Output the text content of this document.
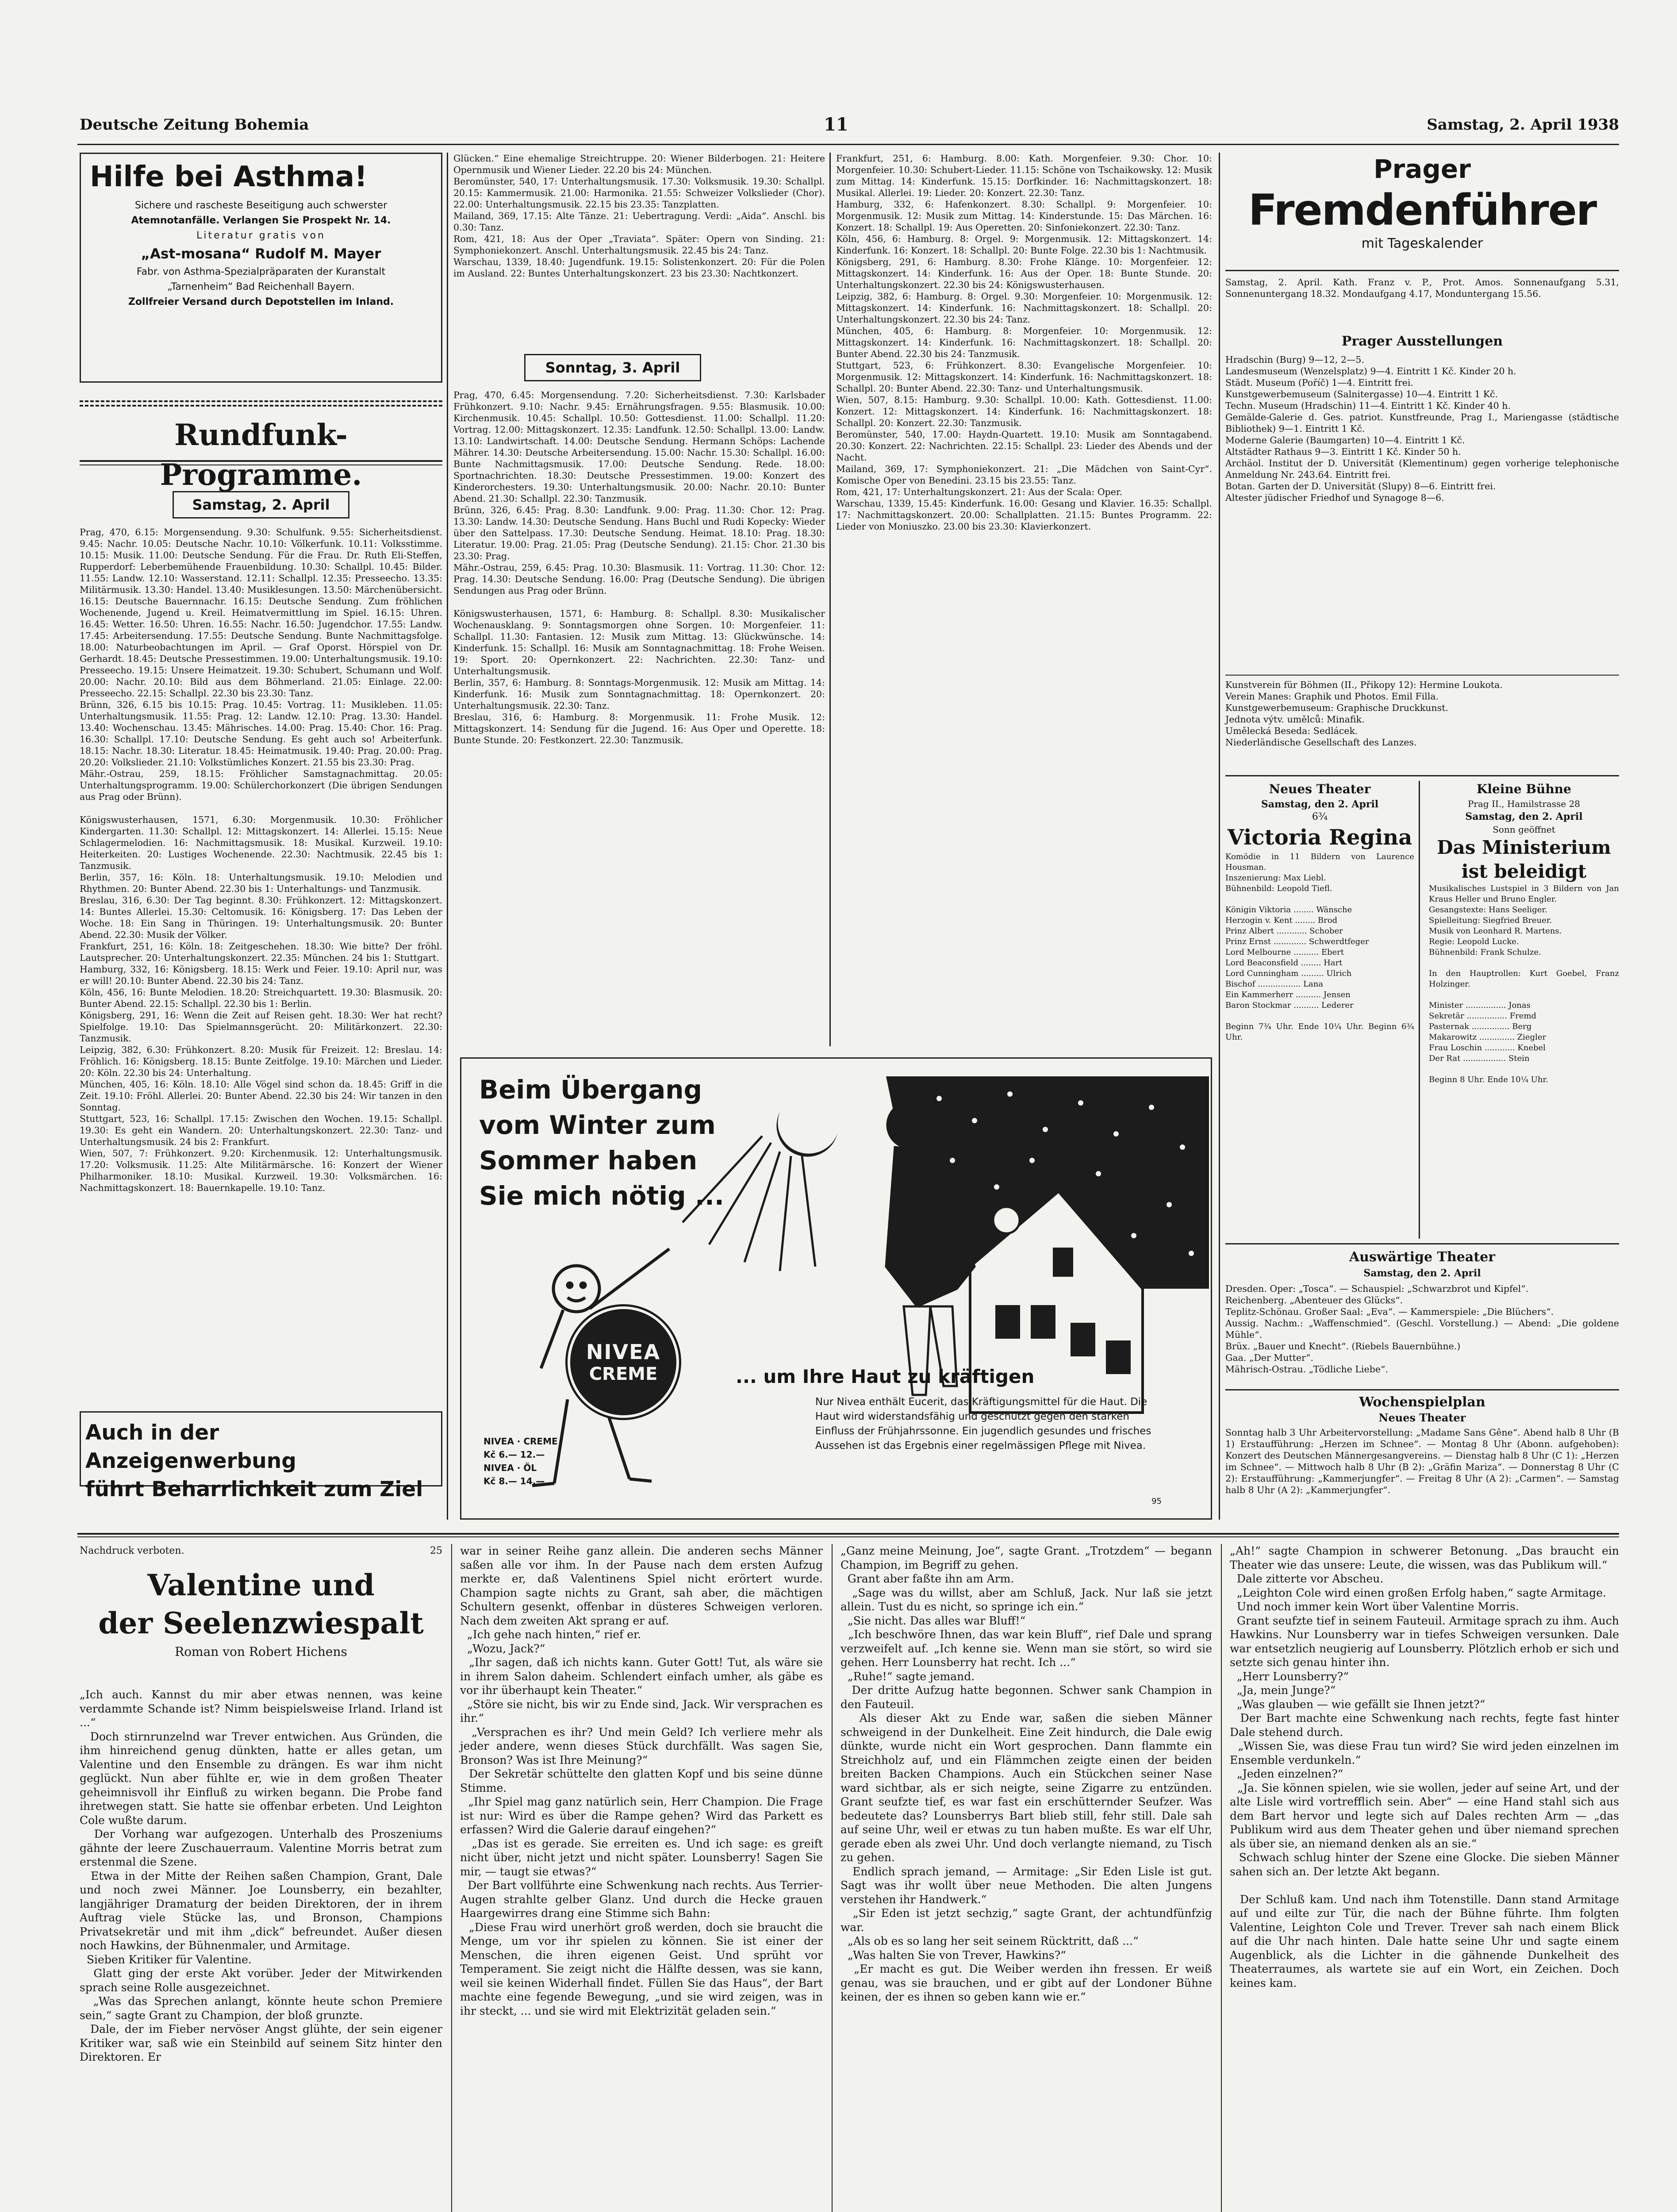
Deutsche Zeitung Bohemia	11	Samstag, 2. April 1938
Hilfe bei Asthma!
Sichere und rascheste Beseitigung auch schwerster
Atemnotanfälle. Verlangen Sie Prospekt Nr. 14.
Literatur gratis von
„Ast-mosana“ Rudolf M. Mayer
Fabr. von Asthma-Spezialpräparaten der Kuranstalt
„Tarnenheim“ Bad Reichenhall Bayern.
Zollfreier Versand durch Depotstellen im Inland.
Rundfunk-Programme.
Samstag, 2. April
Prag, 470, 6.15: Morgensendung. 9.30: Schulfunk. 9.55: Sicherheitsdienst. 9.45: Nachr. 10.05: Deutsche Nachr. 10.10: Völkerfunk. 10.11: Volksstimme. 10.15: Musik. 11.00: Deutsche Sendung. Für die Frau. Dr. Ruth Eli-Steffen, Rupperdorf: Leberbemühende Frauenbildung. 10.30: Schallpl. 10.45: Bilder. 11.55: Landw. 12.10: Wasserstand. 12.11: Schallpl. 12.35: Presseecho. 13.35: Militärmusik. 13.30: Handel. 13.40: Musiklesungen. 13.50: Märchenübersicht. 16.15: Deutsche Bauernnachr. 16.15: Deutsche Sendung. Zum fröhlichen Wochenende, Jugend u. Kreil. Heimatvermittlung im Spiel. 16.15: Uhren. 16.45: Wetter. 16.50: Uhren. 16.55: Nachr. 16.50: Jugendchor. 17.55: Landw. 17.45: Arbeitersendung. 17.55: Deutsche Sendung. Bunte Nachmittagsfolge. 18.00: Naturbeobachtungen im April. — Graf Oporst. Hörspiel von Dr. Gerhardt. 18.45: Deutsche Pressestimmen. 19.00: Unterhaltungsmusik. 19.10: Presseecho. 19.15: Unsere Heimatzeit. 19.30: Schubert, Schumann und Wolf. 20.00: Nachr. 20.10: Bild aus dem Böhmerland. 21.05: Einlage. 22.00: Presseecho. 22.15: Schallpl. 22.30 bis 23.30: Tanz.
Brünn, 326, 6.15 bis 10.15: Prag. 10.45: Vortrag. 11: Musikleben. 11.05: Unterhaltungsmusik. 11.55: Prag. 12: Landw. 12.10: Prag. 13.30: Handel. 13.40: Wochenschau. 13.45: Mährisches. 14.00: Prag. 15.40: Chor. 16: Prag. 16.30: Schallpl. 17.10: Deutsche Sendung. Es geht auch so! Arbeiterfunk. 18.15: Nachr. 18.30: Literatur. 18.45: Heimatmusik. 19.40: Prag. 20.00: Prag. 20.20: Volkslieder. 21.10: Volkstümliches Konzert. 21.55 bis 23.30: Prag.
Mähr.-Ostrau, 259, 18.15: Fröhlicher Samstagnachmittag. 20.05: Unterhaltungsprogramm. 19.00: Schülerchorkonzert (Die übrigen Sendungen aus Prag oder Brünn).

Königswusterhausen, 1571, 6.30: Morgenmusik. 10.30: Fröhlicher Kindergarten. 11.30: Schallpl. 12: Mittagskonzert. 14: Allerlei. 15.15: Neue Schlagermelodien. 16: Nachmittagsmusik. 18: Musikal. Kurzweil. 19.10: Heiterkeiten. 20: Lustiges Wochenende. 22.30: Nachtmusik. 22.45 bis 1: Tanzmusik.
Berlin, 357, 16: Köln. 18: Unterhaltungsmusik. 19.10: Melodien und Rhythmen. 20: Bunter Abend. 22.30 bis 1: Unterhaltungs- und Tanzmusik.
Breslau, 316, 6.30: Der Tag beginnt. 8.30: Frühkonzert. 12: Mittagskonzert. 14: Buntes Allerlei. 15.30: Celtomusik. 16: Königsberg. 17: Das Leben der Woche. 18: Ein Sang in Thüringen. 19: Unterhaltungsmusik. 20: Bunter Abend. 22.30: Musik der Völker.
Frankfurt, 251, 16: Köln. 18: Zeitgeschehen. 18.30: Wie bitte? Der fröhl. Lautsprecher. 20: Unterhaltungskonzert. 22.35: München. 24 bis 1: Stuttgart.
Hamburg, 332, 16: Königsberg. 18.15: Werk und Feier. 19.10: April nur, was er will! 20.10: Bunter Abend. 22.30 bis 24: Tanz.
Köln, 456, 16: Bunte Melodien. 18.20: Streichquartett. 19.30: Blasmusik. 20: Bunter Abend. 22.15: Schallpl. 22.30 bis 1: Berlin.
Königsberg, 291, 16: Wenn die Zeit auf Reisen geht. 18.30: Wer hat recht? Spielfolge. 19.10: Das Spielmannsgerücht. 20: Militärkonzert. 22.30: Tanzmusik.
Leipzig, 382, 6.30: Frühkonzert. 8.20: Musik für Freizeit. 12: Breslau. 14: Fröhlich. 16: Königsberg. 18.15: Bunte Zeitfolge. 19.10: Märchen und Lieder. 20: Köln. 22.30 bis 24: Unterhaltung.
München, 405, 16: Köln. 18.10: Alle Vögel sind schon da. 18.45: Griff in die Zeit. 19.10: Fröhl. Allerlei. 20: Bunter Abend. 22.30 bis 24: Wir tanzen in den Sonntag.
Stuttgart, 523, 16: Schallpl. 17.15: Zwischen den Wochen. 19.15: Schallpl. 19.30: Es geht ein Wandern. 20: Unterhaltungskonzert. 22.30: Tanz- und Unterhaltungsmusik. 24 bis 2: Frankfurt.
Wien, 507, 7: Frühkonzert. 9.20: Kirchenmusik. 12: Unterhaltungsmusik. 17.20: Volksmusik. 11.25: Alte Militärmärsche. 16: Konzert der Wiener Philharmoniker. 18.10: Musikal. Kurzweil. 19.30: Volksmärchen. 16: Nachmittagskonzert. 18: Bauernkapelle. 19.10: Tanz.
Auch in der Anzeigenwerbung
führt Beharrlichkeit zum Ziel
Glücken.“ Eine ehemalige Streichtruppe. 20: Wiener Bilderbogen. 21: Heitere Opernmusik und Wiener Lieder. 22.20 bis 24: München.
Beromünster, 540, 17: Unterhaltungsmusik. 17.30: Volksmusik. 19.30: Schallpl. 20.15: Kammermusik. 21.00: Harmonika. 21.55: Schweizer Volkslieder (Chor). 22.00: Unterhaltungsmusik. 22.15 bis 23.35: Tanzplatten.
Mailand, 369, 17.15: Alte Tänze. 21: Uebertragung. Verdi: „Aida“. Anschl. bis 0.30: Tanz.
Rom, 421, 18: Aus der Oper „Traviata“. Später: Opern von Sinding. 21: Symphoniekonzert. Anschl. Unterhaltungsmusik. 22.45 bis 24: Tanz.
Warschau, 1339, 18.40: Jugendfunk. 19.15: Solistenkonzert. 20: Für die Polen im Ausland. 22: Buntes Unterhaltungskonzert. 23 bis 23.30: Nachtkonzert.
Sonntag, 3. April
Prag, 470, 6.45: Morgensendung. 7.20: Sicherheitsdienst. 7.30: Karlsbader Frühkonzert. 9.10: Nachr. 9.45: Ernährungsfragen. 9.55: Blasmusik. 10.00: Kirchenmusik. 10.45: Schallpl. 10.50: Gottesdienst. 11.00: Schallpl. 11.20: Vortrag. 12.00: Mittagskonzert. 12.35: Landfunk. 12.50: Schallpl. 13.00: Landw. 13.10: Landwirtschaft. 14.00: Deutsche Sendung. Hermann Schöps: Lachende Mährer. 14.30: Deutsche Arbeitersendung. 15.00: Nachr. 15.30: Schallpl. 16.00: Bunte Nachmittagsmusik. 17.00: Deutsche Sendung. Rede. 18.00: Sportnachrichten. 18.30: Deutsche Pressestimmen. 19.00: Konzert des Kinderorchesters. 19.30: Unterhaltungsmusik. 20.00: Nachr. 20.10: Bunter Abend. 21.30: Schallpl. 22.30: Tanzmusik.
Brünn, 326, 6.45: Prag. 8.30: Landfunk. 9.00: Prag. 11.30: Chor. 12: Prag. 13.30: Landw. 14.30: Deutsche Sendung. Hans Buchl und Rudi Kopecky: Wieder über den Sattelpass. 17.30: Deutsche Sendung. Heimat. 18.10: Prag. 18.30: Literatur. 19.00: Prag. 21.05: Prag (Deutsche Sendung). 21.15: Chor. 21.30 bis 23.30: Prag.
Mähr.-Ostrau, 259, 6.45: Prag. 10.30: Blasmusik. 11: Vortrag. 11.30: Chor. 12: Prag. 14.30: Deutsche Sendung. 16.00: Prag (Deutsche Sendung). Die übrigen Sendungen aus Prag oder Brünn.

Königswusterhausen, 1571, 6: Hamburg. 8: Schallpl. 8.30: Musikalischer Wochenausklang. 9: Sonntagsmorgen ohne Sorgen. 10: Morgenfeier. 11: Schallpl. 11.30: Fantasien. 12: Musik zum Mittag. 13: Glückwünsche. 14: Kinderfunk. 15: Schallpl. 16: Musik am Sonntagnachmittag. 18: Frohe Weisen. 19: Sport. 20: Opernkonzert. 22: Nachrichten. 22.30: Tanz- und Unterhaltungsmusik.
Berlin, 357, 6: Hamburg. 8: Sonntags-Morgenmusik. 12: Musik am Mittag. 14: Kinderfunk. 16: Musik zum Sonntagnachmittag. 18: Opernkonzert. 20: Unterhaltungsmusik. 22.30: Tanz.
Breslau, 316, 6: Hamburg. 8: Morgenmusik. 11: Frohe Musik. 12: Mittagskonzert. 14: Sendung für die Jugend. 16: Aus Oper und Operette. 18: Bunte Stunde. 20: Festkonzert. 22.30: Tanzmusik.
Frankfurt, 251, 6: Hamburg. 8.00: Kath. Morgenfeier. 9.30: Chor. 10: Morgenfeier. 10.30: Schubert-Lieder. 11.15: Schöne von Tschaikowsky. 12: Musik zum Mittag. 14: Kinderfunk. 15.15: Dorfkinder. 16: Nachmittagskonzert. 18: Musikal. Allerlei. 19: Lieder. 20: Konzert. 22.30: Tanz.
Hamburg, 332, 6: Hafenkonzert. 8.30: Schallpl. 9: Morgenfeier. 10: Morgenmusik. 12: Musik zum Mittag. 14: Kinderstunde. 15: Das Märchen. 16: Konzert. 18: Schallpl. 19: Aus Operetten. 20: Sinfoniekonzert. 22.30: Tanz.
Köln, 456, 6: Hamburg. 8: Orgel. 9: Morgenmusik. 12: Mittagskonzert. 14: Kinderfunk. 16: Konzert. 18: Schallpl. 20: Bunte Folge. 22.30 bis 1: Nachtmusik.
Königsberg, 291, 6: Hamburg. 8.30: Frohe Klänge. 10: Morgenfeier. 12: Mittagskonzert. 14: Kinderfunk. 16: Aus der Oper. 18: Bunte Stunde. 20: Unterhaltungskonzert. 22.30 bis 24: Königswusterhausen.
Leipzig, 382, 6: Hamburg. 8: Orgel. 9.30: Morgenfeier. 10: Morgenmusik. 12: Mittagskonzert. 14: Kinderfunk. 16: Nachmittagskonzert. 18: Schallpl. 20: Unterhaltungskonzert. 22.30 bis 24: Tanz.
München, 405, 6: Hamburg. 8: Morgenfeier. 10: Morgenmusik. 12: Mittagskonzert. 14: Kinderfunk. 16: Nachmittagskonzert. 18: Schallpl. 20: Bunter Abend. 22.30 bis 24: Tanzmusik.
Stuttgart, 523, 6: Frühkonzert. 8.30: Evangelische Morgenfeier. 10: Morgenmusik. 12: Mittagskonzert. 14: Kinderfunk. 16: Nachmittagskonzert. 18: Schallpl. 20: Bunter Abend. 22.30: Tanz- und Unterhaltungsmusik.
Wien, 507, 8.15: Hamburg. 9.30: Schallpl. 10.00: Kath. Gottesdienst. 11.00: Konzert. 12: Mittagskonzert. 14: Kinderfunk. 16: Nachmittagskonzert. 18: Schallpl. 20: Konzert. 22.30: Tanzmusik.
Beromünster, 540, 17.00: Haydn-Quartett. 19.10: Musik am Sonntagabend. 20.30: Konzert. 22: Nachrichten. 22.15: Schallpl. 23: Lieder des Abends und der Nacht.
Mailand, 369, 17: Symphoniekonzert. 21: „Die Mädchen von Saint-Cyr“. Komische Oper von Benedini. 23.15 bis 23.55: Tanz.
Rom, 421, 17: Unterhaltungskonzert. 21: Aus der Scala: Oper.
Warschau, 1339, 15.45: Kinderfunk. 16.00: Gesang und Klavier. 16.35: Schallpl. 17: Nachmittagskonzert. 20.00: Schallplatten. 21.15: Buntes Programm. 22: Lieder von Moniuszko. 23.00 bis 23.30: Klavierkonzert.
Beim Übergang
vom Winter zum
Sommer haben
Sie mich nötig ...
NIVEA
CREME	... um Ihre Haut zu kräftigen
Nur Nivea enthält Eucerit, das Kräftigungsmittel für die Haut. Die Haut wird widerstandsfähig und geschützt gegen den starken Einfluss der Frühjahrssonne. Ein jugendlich gesundes und frisches Aussehen ist das Ergebnis einer regelmässigen Pflege mit Nivea.
NIVEA · CREME
Kč 6.— 12.—
NIVEA · ÖL
Kč 8.— 14.—
95
Prager
Fremdenführer
mit Tageskalender
Samstag, 2. April. Kath. Franz v. P., Prot. Amos. Sonnenaufgang 5.31, Sonnenuntergang 18.32. Mondaufgang 4.17, Monduntergang 15.56.
Prager Ausstellungen
Hradschin (Burg) 9—12, 2—5.
Landesmuseum (Wenzelsplatz) 9—4. Eintritt 1 Kč. Kinder 20 h.
Städt. Museum (Poříč) 1—4. Eintritt frei.
Kunstgewerbemuseum (Salnitergasse) 10—4. Eintritt 1 Kč.
Techn. Museum (Hradschin) 11—4. Eintritt 1 Kč. Kinder 40 h.
Gemälde-Galerie d. Ges. patriot. Kunstfreunde, Prag I., Mariengasse (städtische Bibliothek) 9—1. Eintritt 1 Kč.
Moderne Galerie (Baumgarten) 10—4. Eintritt 1 Kč.
Altstädter Rathaus 9—3. Eintritt 1 Kč. Kinder 50 h.
Archäol. Institut der D. Universität (Klementinum) gegen vorherige telephonische Anmeldung Nr. 243.64. Eintritt frei.
Botan. Garten der D. Universität (Slupy) 8—6. Eintritt frei.
Altester jüdischer Friedhof und Synagoge 8—6.
Kunstverein für Böhmen (II., Přikopy 12): Hermine Loukota.
Verein Manes: Graphik und Photos. Emil Filla.
Kunstgewerbemuseum: Graphische Druckkunst.
Jednota výtv. umělců: Minafik.
Umělecká Beseda: Sedlácek.
Niederländische Gesellschaft des Lanzes.
Neues Theater
Samstag, den 2. April
6¾
Victoria Regina
Komödie in 11 Bildern von Laurence Housman.
Inszenierung: Max Liebl.
Bühnenbild: Leopold Tiefl.

Königin Viktoria ........ Wänsche
Herzogin v. Kent ........ Brod
Prinz Albert ............ Schober
Prinz Ernst ............. Schwerdtfeger
Lord Melbourne .......... Ebert
Lord Beaconsfield ........ Hart
Lord Cunningham ......... Ulrich
Bischof ................. Lana
Ein Kammerherr .......... Jensen
Baron Stockmar .......... Lederer

Beginn 7¾ Uhr. Ende 10¼ Uhr. Beginn 6¾ Uhr.
Kleine Bühne
Prag II., Hamilstrasse 28
Samstag, den 2. April
Sonn geöffnet
Das Ministerium ist beleidigt
Musikalisches Lustspiel in 3 Bildern von Jan Kraus Heller und Bruno Engler.
Gesangstexte: Hans Seeliger.
Spielleitung: Siegfried Breuer.
Musik von Leonhard R. Martens.
Regie: Leopold Lucke.
Bühnenbild: Frank Schulze.

In den Hauptrollen: Kurt Goebel, Franz Holzinger.

Minister ................ Jonas
Sekretär ................ Fremd
Pasternak ............... Berg
Makarowitz .............. Ziegler
Frau Loschin ............ Knebel
Der Rat ................. Stein

Beginn 8 Uhr. Ende 10¼ Uhr.
Auswärtige Theater
Samstag, den 2. April
Dresden. Oper: „Tosca“. — Schauspiel: „Schwarzbrot und Kipfel“.
Reichenberg. „Abenteuer des Glücks“.
Teplitz-Schönau. Großer Saal: „Eva“. — Kammerspiele: „Die Blüchers“.
Aussig. Nachm.: „Waffenschmied“. (Geschl. Vorstellung.) — Abend: „Die goldene Mühle“.
Brüx. „Bauer und Knecht“. (Riebels Bauernbühne.)
Gaa. „Der Mutter“.
Mährisch-Ostrau. „Tödliche Liebe“.
Wochenspielplan
Neues Theater
Sonntag halb 3 Uhr Arbeitervorstellung: „Madame Sans Gêne“. Abend halb 8 Uhr (B 1) Erstaufführung: „Herzen im Schnee“. — Montag 8 Uhr (Abonn. aufgehoben): Konzert des Deutschen Männergesangvereins. — Dienstag halb 8 Uhr (C 1): „Herzen im Schnee“. — Mittwoch halb 8 Uhr (B 2): „Gräfin Mariza“. — Donnerstag 8 Uhr (C 2): Erstaufführung: „Kammerjungfer“. — Freitag 8 Uhr (A 2): „Carmen“. — Samstag halb 8 Uhr (A 2): „Kammerjungfer“.
Nachdruck verboten.	25
Valentine und
der Seelenzwiespalt
Roman von Robert Hichens
„Ich auch. Kannst du mir aber etwas nennen, was keine verdammte Schande ist? Nimm beispielsweise Irland. Irland ist ...“
Doch stirnrunzelnd war Trever entwichen. Aus Gründen, die ihm hinreichend genug dünkten, hatte er alles getan, um Valentine und den Ensemble zu drängen. Es war ihm nicht geglückt. Nun aber fühlte er, wie in dem großen Theater geheimnisvoll ihr Einfluß zu wirken begann. Die Probe fand ihretwegen statt. Sie hatte sie offenbar erbeten. Und Leighton Cole wußte darum.
Der Vorhang war aufgezogen. Unterhalb des Proszeniums gähnte der leere Zuschauerraum. Valentine Morris betrat zum erstenmal die Szene.
Etwa in der Mitte der Reihen saßen Champion, Grant, Dale und noch zwei Männer. Joe Lounsberry, ein bezahlter, langjähriger Dramaturg der beiden Direktoren, der in ihrem Auftrag viele Stücke las, und Bronson, Champions Privatsekretär und mit ihm „dick“ befreundet. Außer diesen noch Hawkins, der Bühnenmaler, und Armitage.
Sieben Kritiker für Valentine.
Glatt ging der erste Akt vorüber. Jeder der Mitwirkenden sprach seine Rolle ausgezeichnet.
„Was das Sprechen anlangt, könnte heute schon Premiere sein,“ sagte Grant zu Champion, der bloß grunzte.
Dale, der im Fieber nervöser Angst glühte, der sein eigener Kritiker war, saß wie ein Steinbild auf seinem Sitz hinter den Direktoren. Er
war in seiner Reihe ganz allein. Die anderen sechs Männer saßen alle vor ihm. In der Pause nach dem ersten Aufzug merkte er, daß Valentinens Spiel nicht erörtert wurde. Champion sagte nichts zu Grant, sah aber, die mächtigen Schultern gesenkt, offenbar in düsteres Schweigen verloren. Nach dem zweiten Akt sprang er auf.
„Ich gehe nach hinten,“ rief er.
„Wozu, Jack?“
„Ihr sagen, daß ich nichts kann. Guter Gott! Tut, als wäre sie in ihrem Salon daheim. Schlendert einfach umher, als gäbe es vor ihr überhaupt kein Theater.“
„Störe sie nicht, bis wir zu Ende sind, Jack. Wir versprachen es ihr.“
„Versprachen es ihr? Und mein Geld? Ich verliere mehr als jeder andere, wenn dieses Stück durchfällt. Was sagen Sie, Bronson? Was ist Ihre Meinung?“
Der Sekretär schüttelte den glatten Kopf und bis seine dünne Stimme.
„Ihr Spiel mag ganz natürlich sein, Herr Champion. Die Frage ist nur: Wird es über die Rampe gehen? Wird das Parkett es erfassen? Wird die Galerie darauf eingehen?“
„Das ist es gerade. Sie erreiten es. Und ich sage: es greift nicht über, nicht jetzt und nicht später. Lounsberry! Sagen Sie mir, — taugt sie etwas?“
Der Bart vollführte eine Schwenkung nach rechts. Aus Terrier-Augen strahlte gelber Glanz. Und durch die Hecke grauen Haargewirres drang eine Stimme sich Bahn:
„Diese Frau wird unerhört groß werden, doch sie braucht die Menge, um vor ihr spielen zu können. Sie ist einer der Menschen, die ihren eigenen Geist. Und sprüht vor Temperament. Sie zeigt nicht die Hälfte dessen, was sie kann, weil sie keinen Widerhall findet. Füllen Sie das Haus“, der Bart machte eine fegende Bewegung, „und sie wird zeigen, was in ihr steckt, ... und sie wird mit Elektrizität geladen sein.“
„Ganz meine Meinung, Joe“, sagte Grant. „Trotzdem“ — begann Champion, im Begriff zu gehen.
Grant aber faßte ihn am Arm.
„Sage was du willst, aber am Schluß, Jack. Nur laß sie jetzt allein. Tust du es nicht, so springe ich ein.“
„Sie nicht. Das alles war Bluff!“
„Ich beschwöre Ihnen, das war kein Bluff“, rief Dale und sprang verzweifelt auf. „Ich kenne sie. Wenn man sie stört, so wird sie gehen. Herr Lounsberry hat recht. Ich ...“
„Ruhe!“ sagte jemand.
Der dritte Aufzug hatte begonnen. Schwer sank Champion in den Fauteuil.
Als dieser Akt zu Ende war, saßen die sieben Männer schweigend in der Dunkelheit. Eine Zeit hindurch, die Dale ewig dünkte, wurde nicht ein Wort gesprochen. Dann flammte ein Streichholz auf, und ein Flämmchen zeigte einen der beiden breiten Backen Champions. Auch ein Stückchen seiner Nase ward sichtbar, als er sich neigte, seine Zigarre zu entzünden. Grant seufzte tief, es war fast ein erschütternder Seufzer. Was bedeutete das? Lounsberrys Bart blieb still, fehr still. Dale sah auf seine Uhr, weil er etwas zu tun haben mußte. Es war elf Uhr, gerade eben als zwei Uhr. Und doch verlangte niemand, zu Tisch zu gehen.
Endlich sprach jemand, — Armitage: „Sir Eden Lisle ist gut. Sagt was ihr wollt über neue Methoden. Die alten Jungens verstehen ihr Handwerk.“
„Sir Eden ist jetzt sechzig,“ sagte Grant, der achtundfünfzig war.
„Als ob es so lang her seit seinem Rücktritt, daß ...“
„Was halten Sie von Trever, Hawkins?“
„Er macht es gut. Die Weiber werden ihn fressen. Er weiß genau, was sie brauchen, und er gibt auf der Londoner Bühne keinen, der es ihnen so geben kann wie er.“
„Ah!“ sagte Champion in schwerer Betonung. „Das braucht ein Theater wie das unsere: Leute, die wissen, was das Publikum will.“
Dale zitterte vor Abscheu.
„Leighton Cole wird einen großen Erfolg haben,“ sagte Armitage.
Und noch immer kein Wort über Valentine Morris.
Grant seufzte tief in seinem Fauteuil. Armitage sprach zu ihm. Auch Hawkins. Nur Lounsberry war in tiefes Schweigen versunken. Dale war entsetzlich neugierig auf Lounsberry. Plötzlich erhob er sich und setzte sich genau hinter ihn.
„Herr Lounsberry?“
„Ja, mein Junge?“
„Was glauben — wie gefällt sie Ihnen jetzt?“
Der Bart machte eine Schwenkung nach rechts, fegte fast hinter Dale stehend durch.
„Wissen Sie, was diese Frau tun wird? Sie wird jeden einzelnen im Ensemble verdunkeln.“
„Jeden einzelnen?“
„Ja. Sie können spielen, wie sie wollen, jeder auf seine Art, und der alte Lisle wird vortrefflich sein. Aber“ — eine Hand stahl sich aus dem Bart hervor und legte sich auf Dales rechten Arm — „das Publikum wird aus dem Theater gehen und über niemand sprechen als über sie, an niemand denken als an sie.“
Schwach schlug hinter der Szene eine Glocke. Die sieben Männer sahen sich an. Der letzte Akt begann.

Der Schluß kam. Und nach ihm Totenstille. Dann stand Armitage auf und eilte zur Tür, die nach der Bühne führte. Ihm folgten Valentine, Leighton Cole und Trever. Trever sah nach einem Blick auf die Uhr nach hinten. Dale hatte seine Uhr und sagte einem Augenblick, als die Lichter in die gähnende Dunkelheit des Theaterraumes, als wartete sie auf ein Wort, ein Zeichen. Doch keines kam.
